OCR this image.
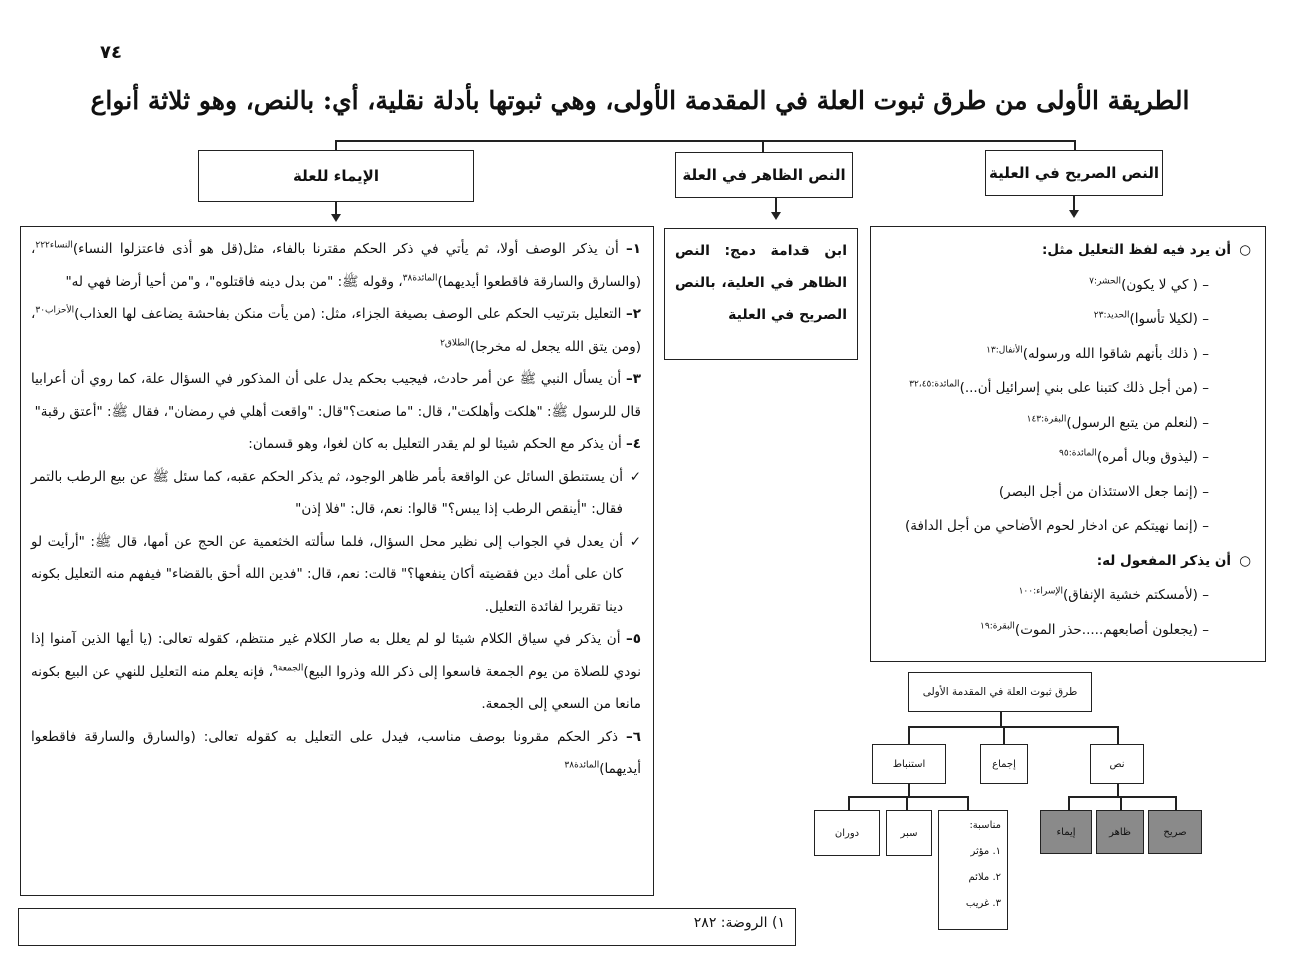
٧٤
الطريقة الأولى من طرق ثبوت العلة في المقدمة الأولى، وهي ثبوتها بأدلة نقلية، أي: بالنص، وهو ثلاثة أنواع
النص الصريح في العلية
النص الظاهر في العلة
الإيماء للعلة
○
أن يرد فيه لفظ التعليل مثل:
– ( كي لا يكون)$^{الحشر:٧}$
– (لكيلا تأسوا)$^{الحديد:٢٣}$
– ( ذلك بأنهم شاقوا الله ورسوله)$^{الأنفال:١٣}$
– (من أجل ذلك كتبنا على بني إسرائيل أن...)$^{المائدة:٣٢،٤٥}$
– (لنعلم من يتبع الرسول)$^{البقرة:١٤٣}$
– (ليذوق وبال أمره)$^{المائدة:٩٥}$
– (إنما جعل الاستئذان من أجل البصر)
– (إنما نهيتكم عن ادخار لحوم الأضاحي من أجل الدافة)
○
أن يذكر المفعول له:
– (لأمسكتم خشية الإنفاق)$^{الإسراء:١٠٠}$
– (يجعلون أصابعهم.....حذر الموت)$^{البقرة:١٩}$
ابن قدامة دمج: النص الظاهر في العلية، بالنص الصريح في العلية

١– أن يذكر الوصف أولا، ثم يأتي في ذكر الحكم مقترنا بالفاء، مثل(قل هو أذى فاعتزلوا النساء)$^{النساء٢٢٢}$، (والسارق والسارقة فاقطعوا أيديهما)$^{المائدة٣٨}$، وقوله ﷺ: "من بدل دينه فاقتلوه"، و"من أحيا أرضا فهي له"

٢– التعليل بترتيب الحكم على الوصف بصيغة الجزاء، مثل: (من يأت منكن بفاحشة يضاعف لها العذاب)$^{الأحزاب٣٠}$، (ومن يتق الله يجعل له مخرجا)$^{الطلاق٢}$

٣– أن يسأل النبي ﷺ عن أمر حادث، فيجيب بحكم يدل على أن المذكور في السؤال علة، كما روي أن أعرابيا قال للرسول ﷺ: "هلكت وأهلكت"، قال: "ما صنعت؟"قال: "واقعت أهلي في رمضان"، فقال ﷺ: "أعتق رقبة"

٤– أن يذكر مع الحكم شيئا لو لم يقدر التعليل به كان لغوا، وهو قسمان:

✓
أن يستنطق السائل عن الواقعة بأمر ظاهر الوجود، ثم يذكر الحكم عقبه، كما سئل ﷺ عن بيع الرطب بالتمر فقال: "أينقص الرطب إذا يبس؟" قالوا: نعم، قال: "فلا إذن"

✓
أن يعدل في الجواب إلى نظير محل السؤال، فلما سألته الخثعمية عن الحج عن أمها، قال ﷺ: "أرأيت لو كان على أمك دين فقضيته أكان ينفعها؟" قالت: نعم، قال: "فدين الله أحق بالقضاء" فيفهم منه التعليل بكونه دينا تقريرا لفائدة التعليل.

٥– أن يذكر في سياق الكلام شيئا لو لم يعلل به صار الكلام غير منتظم، كقوله تعالى: (يا أيها الذين آمنوا إذا نودي للصلاة من يوم الجمعة فاسعوا إلى ذكر الله وذروا البيع)$^{الجمعة٩}$، فإنه يعلم منه التعليل للنهي عن البيع بكونه مانعا من السعي إلى الجمعة.

٦– ذكر الحكم مقرونا بوصف مناسب، فيدل على التعليل به كقوله تعالى: (والسارق والسارقة فاقطعوا أيديهما)$^{المائدة٣٨}$

١) الروضة: ٢٨٢
طرق ثبوت العلة في المقدمة الأولى
استنباط	إجماع	نص
إيماء	ظاهر	صريح
دوران	سبر
مناسبة:
١. مؤثر
٢. ملائم
٣. غريب
